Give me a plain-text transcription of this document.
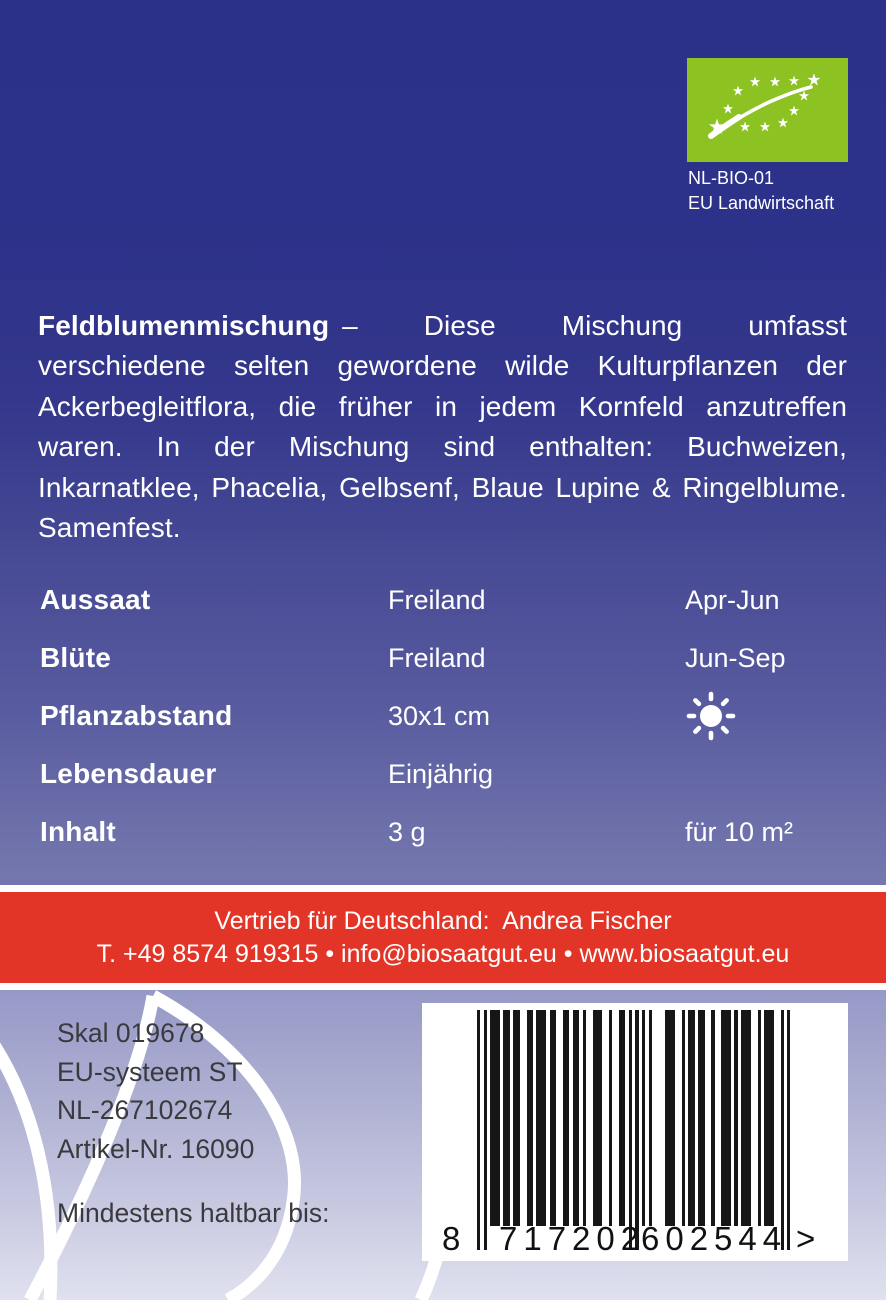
NL-BIO-01
EU Landwirtschaft

Feldblumenmischung – Diese Mischung umfasst verschiedene selten gewordene wilde Kulturpflanzen der Ackerbegleitflora, die früher in jedem Kornfeld anzutreffen waren. In der Mischung sind enthalten: Buchweizen, Inkarnatklee, Phacelia, Gelbsenf, Blaue Lupine & Ringelblume. Samenfest.

Aussaat	Freiland	Apr-Jun
Blüte	Freiland	Jun-Sep
Pflanzabstand	30x1 cm
Lebensdauer	Einjährig
Inhalt	3 g	für 10 m²
Vertrieb für Deutschland:  Andrea Fischer
T. +49 8574 919315 • info@biosaatgut.eu • www.biosaatgut.eu
Skal 019678
EU-systeem ST
NL-267102674
Artikel-Nr. 16090
Mindestens haltbar bis:
8 717202
602544 >
